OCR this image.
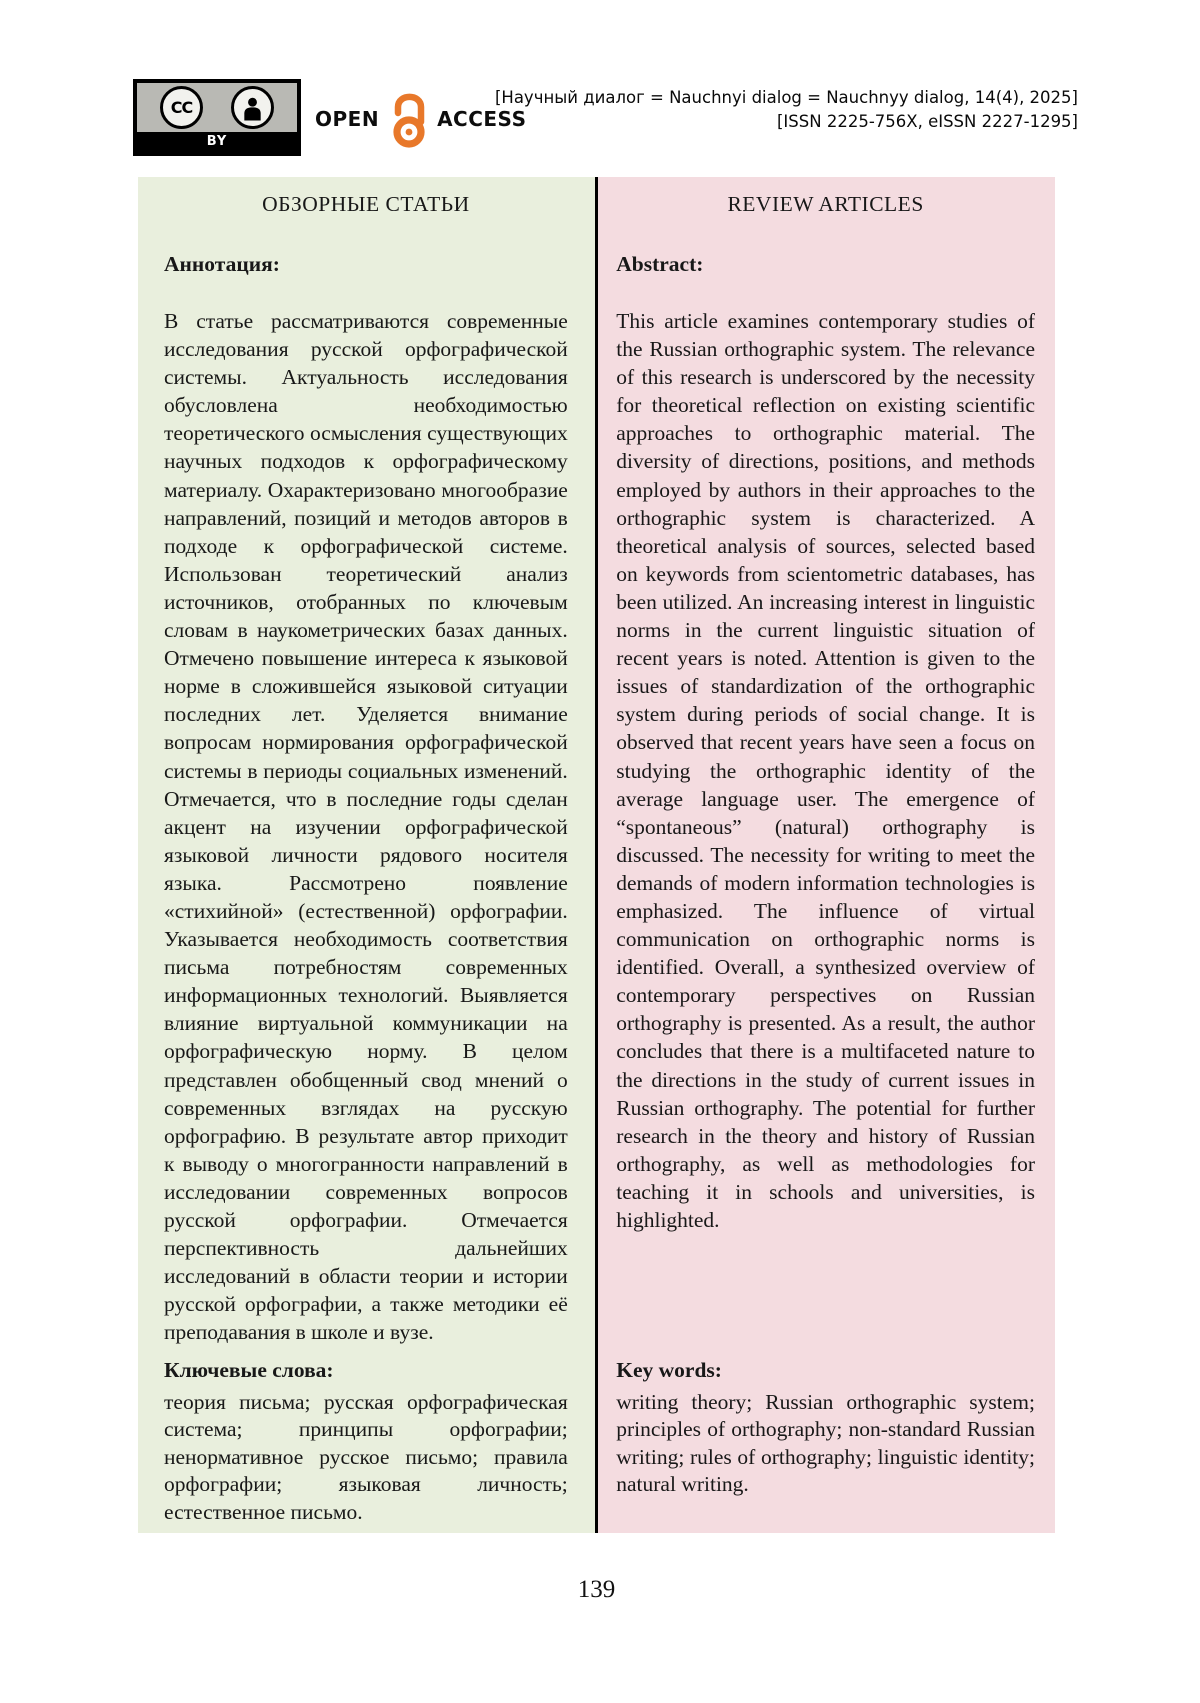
CC
BY
OPEN	ACCESS
[Научный диалог = Nauchnyi dialog = Nauchnyy dialog, 14(4), 2025]
[ISSN 2225-756X, eISSN 2227-1295]

ОБЗОРНЫЕ СТАТЬИ

Аннотация:

В статье рассматриваются современные исследования русской орфографической системы. Актуальность исследования обусловлена необходимостью теоретического осмысления существующих научных подходов к орфографическому материалу. Охарактеризовано многообразие направлений, позиций и методов авторов в подходе к орфографической системе. Использован теоретический анализ источников, отобранных по ключевым словам в наукометрических базах данных. Отмечено повышение интереса к языковой норме в сложившейся языковой ситуации последних лет. Уделяется внимание вопросам нормирования орфографической системы в периоды социальных изменений. Отмечается, что в последние годы сделан акцент на изучении орфографической языковой личности рядового носителя языка. Рассмотрено появление «стихийной» (естественной) орфографии. Указывается необходимость соответствия письма потребностям современных информационных технологий. Выявляется влияние виртуальной коммуникации на орфографическую норму. В целом представлен обобщенный свод мнений о современных взглядах на русскую орфографию. В результате автор приходит к выводу о многогранности направлений в исследовании современных вопросов русской орфографии. Отмечается перспективность дальнейших исследований в области теории и истории русской орфографии, а также методики её преподавания в школе и вузе.

Ключевые слова:

теория письма; русская орфографическая система; принципы орфографии; ненормативное русское письмо; правила орфографии; языковая личность; естественное письмо.

REVIEW ARTICLES

Abstract:

This article examines contemporary studies of the Russian orthographic system. The relevance of this research is underscored by the necessity for theoretical reflection on existing scientific approaches to orthographic material. The diversity of directions, positions, and methods employed by authors in their approaches to the orthographic system is characterized. A theoretical analysis of sources, selected based on keywords from scientometric databases, has been utilized. An increasing interest in linguistic norms in the current linguistic situation of recent years is noted. Attention is given to the issues of standardization of the orthographic system during periods of social change. It is observed that recent years have seen a focus on studying the orthographic identity of the average language user. The emergence of “spontaneous” (natural) orthography is discussed. The necessity for writing to meet the demands of modern information technologies is emphasized. The influence of virtual communication on orthographic norms is identified. Overall, a synthesized overview of contemporary perspectives on Russian orthography is presented. As a result, the author concludes that there is a multifaceted nature to the directions in the study of current issues in Russian orthography. The potential for further research in the theory and history of Russian orthography, as well as methodologies for teaching it in schools and universities, is highlighted.

Key words:

writing theory; Russian orthographic system; principles of orthography; non-standard Russian writing; rules of orthography; linguistic identity; natural writing.

139
